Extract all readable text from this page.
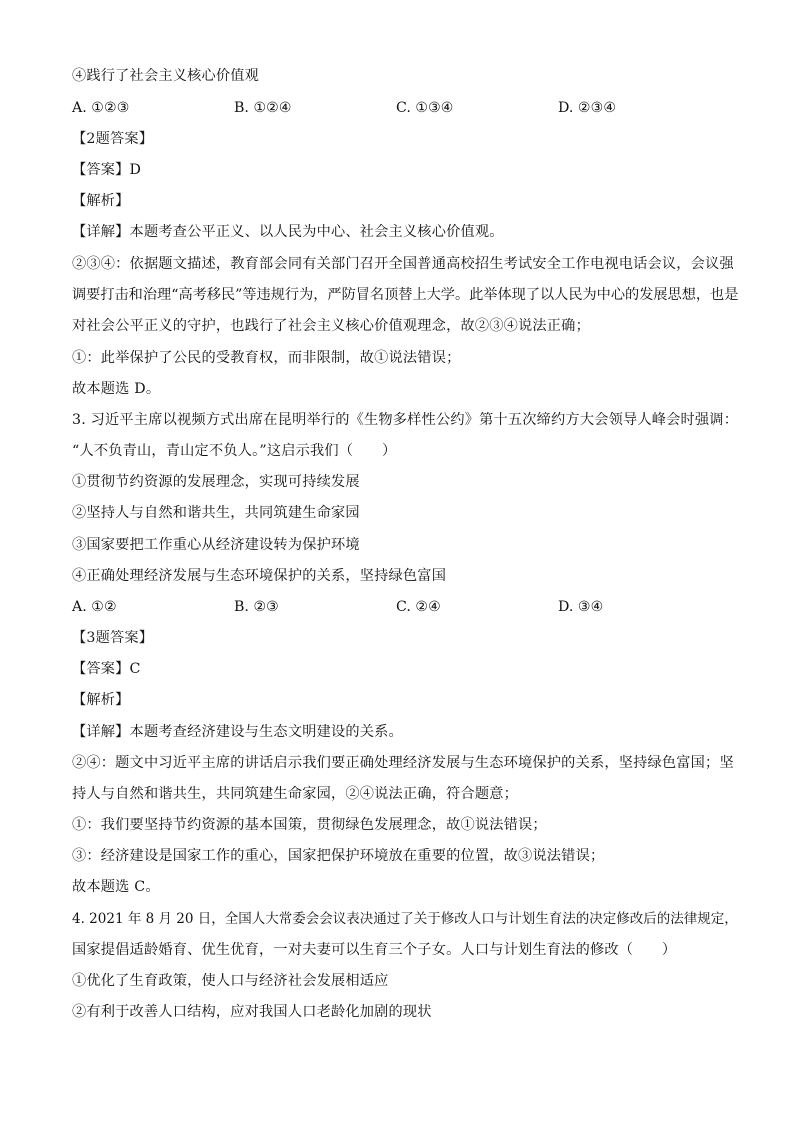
④践行了社会主义核心价值观
A. ①②③	B. ①②④	C. ①③④	D. ②③④
【2题答案】
【答案】D
【解析】
【详解】本题考查公平正义、以人民为中心、社会主义核心价值观。
②③④：依据题文描述，教育部会同有关部门召开全国普通高校招生考试安全工作电视电话会议，会议强
调要打击和治理“高考移民”等违规行为，严防冒名顶替上大学。此举体现了以人民为中心的发展思想，也是
对社会公平正义的守护，也践行了社会主义核心价值观理念，故②③④说法正确；
①：此举保护了公民的受教育权，而非限制，故①说法错误；
故本题选 D。
3. 习近平主席以视频方式出席在昆明举行的《生物多样性公约》第十五次缔约方大会领导人峰会时强调：
“人不负青山，青山定不负人。”这启示我们（　　）
①贯彻节约资源的发展理念，实现可持续发展
②坚持人与自然和谐共生，共同筑建生命家园
③国家要把工作重心从经济建设转为保护环境
④正确处理经济发展与生态环境保护的关系，坚持绿色富国
A. ①②	B. ②③	C. ②④	D. ③④
【3题答案】
【答案】C
【解析】
【详解】本题考查经济建设与生态文明建设的关系。
②④：题文中习近平主席的讲话启示我们要正确处理经济发展与生态环境保护的关系，坚持绿色富国；坚
持人与自然和谐共生，共同筑建生命家园，②④说法正确，符合题意；
①：我们要坚持节约资源的基本国策，贯彻绿色发展理念，故①说法错误；
③：经济建设是国家工作的重心，国家把保护环境放在重要的位置，故③说法错误；
故本题选 C。
4. 2021 年 8 月 20 日，全国人大常委会会议表决通过了关于修改人口与计划生育法的决定修改后的法律规定，
国家提倡适龄婚育、优生优育，一对夫妻可以生育三个子女。人口与计划生育法的修改（　　）
①优化了生育政策，使人口与经济社会发展相适应
②有利于改善人口结构，应对我国人口老龄化加剧的现状
